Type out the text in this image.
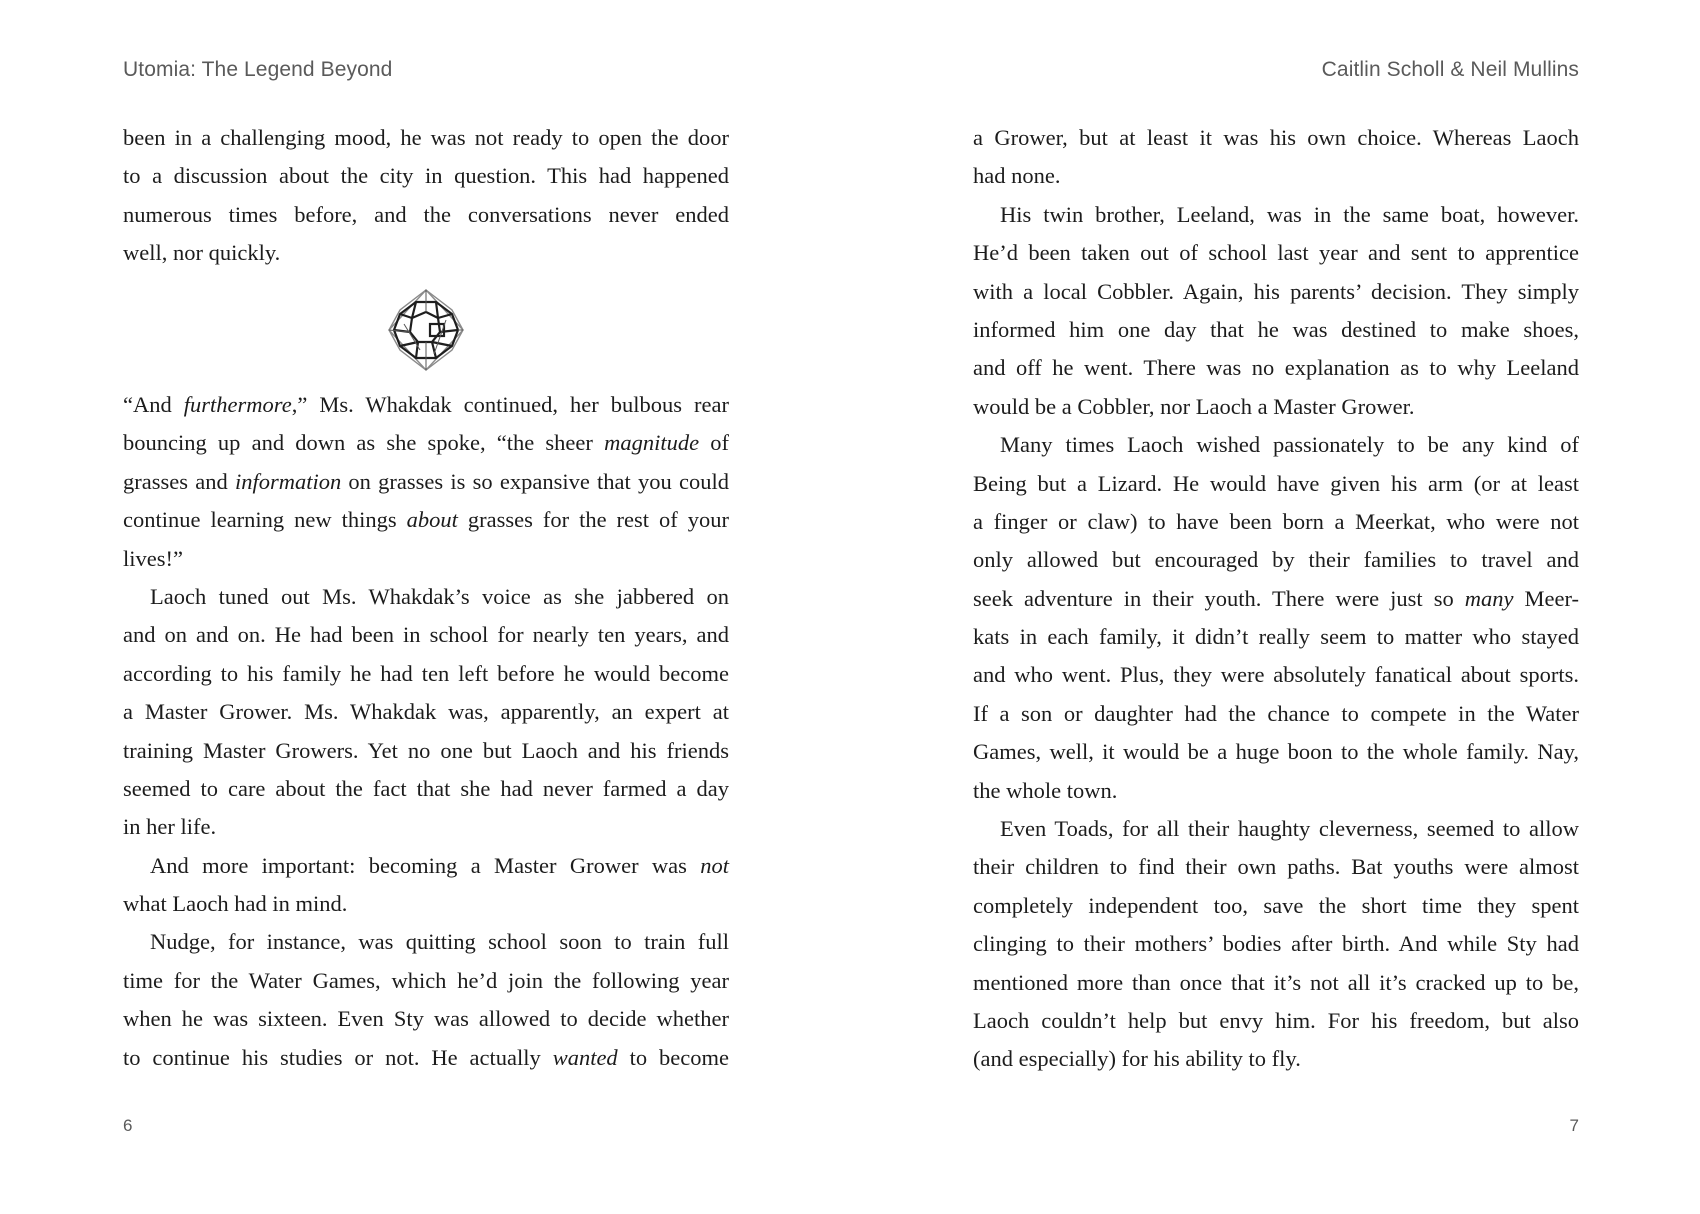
Utomia: The Legend Beyond
been in a challenging mood, he was not ready to open the door
to a discussion about the city in question. This had happened
numerous times before, and the conversations never ended
well, nor quickly.
“And furthermore,” Ms. Whakdak continued, her bulbous rear
bouncing up and down as she spoke, “the sheer magnitude of
grasses and information on grasses is so expansive that you could
continue learning new things about grasses for the rest of your
lives!”
Laoch tuned out Ms. Whakdak’s voice as she jabbered on
and on and on. He had been in school for nearly ten years, and
according to his family he had ten left before he would become
a Master Grower. Ms. Whakdak was, apparently, an expert at
training Master Growers. Yet no one but Laoch and his friends
seemed to care about the fact that she had never farmed a day
in her life.
And more important: becoming a Master Grower was not
what Laoch had in mind.
Nudge, for instance, was quitting school soon to train full
time for the Water Games, which he’d join the following year
when he was sixteen. Even Sty was allowed to decide whether
to continue his studies or not. He actually wanted to become
6
Caitlin Scholl & Neil Mullins
a Grower, but at least it was his own choice. Whereas Laoch
had none.
His twin brother, Leeland, was in the same boat, however.
He’d been taken out of school last year and sent to apprentice
with a local Cobbler. Again, his parents’ decision. They simply
informed him one day that he was destined to make shoes,
and off he went. There was no explanation as to why Leeland
would be a Cobbler, nor Laoch a Master Grower.
Many times Laoch wished passionately to be any kind of
Being but a Lizard. He would have given his arm (or at least
a finger or claw) to have been born a Meerkat, who were not
only allowed but encouraged by their families to travel and
seek adventure in their youth. There were just so many Meer-
kats in each family, it didn’t really seem to matter who stayed
and who went. Plus, they were absolutely fanatical about sports.
If a son or daughter had the chance to compete in the Water
Games, well, it would be a huge boon to the whole family. Nay,
the whole town.
Even Toads, for all their haughty cleverness, seemed to allow
their children to find their own paths. Bat youths were almost
completely independent too, save the short time they spent
clinging to their mothers’ bodies after birth. And while Sty had
mentioned more than once that it’s not all it’s cracked up to be,
Laoch couldn’t help but envy him. For his freedom, but also
(and especially) for his ability to fly.
7
